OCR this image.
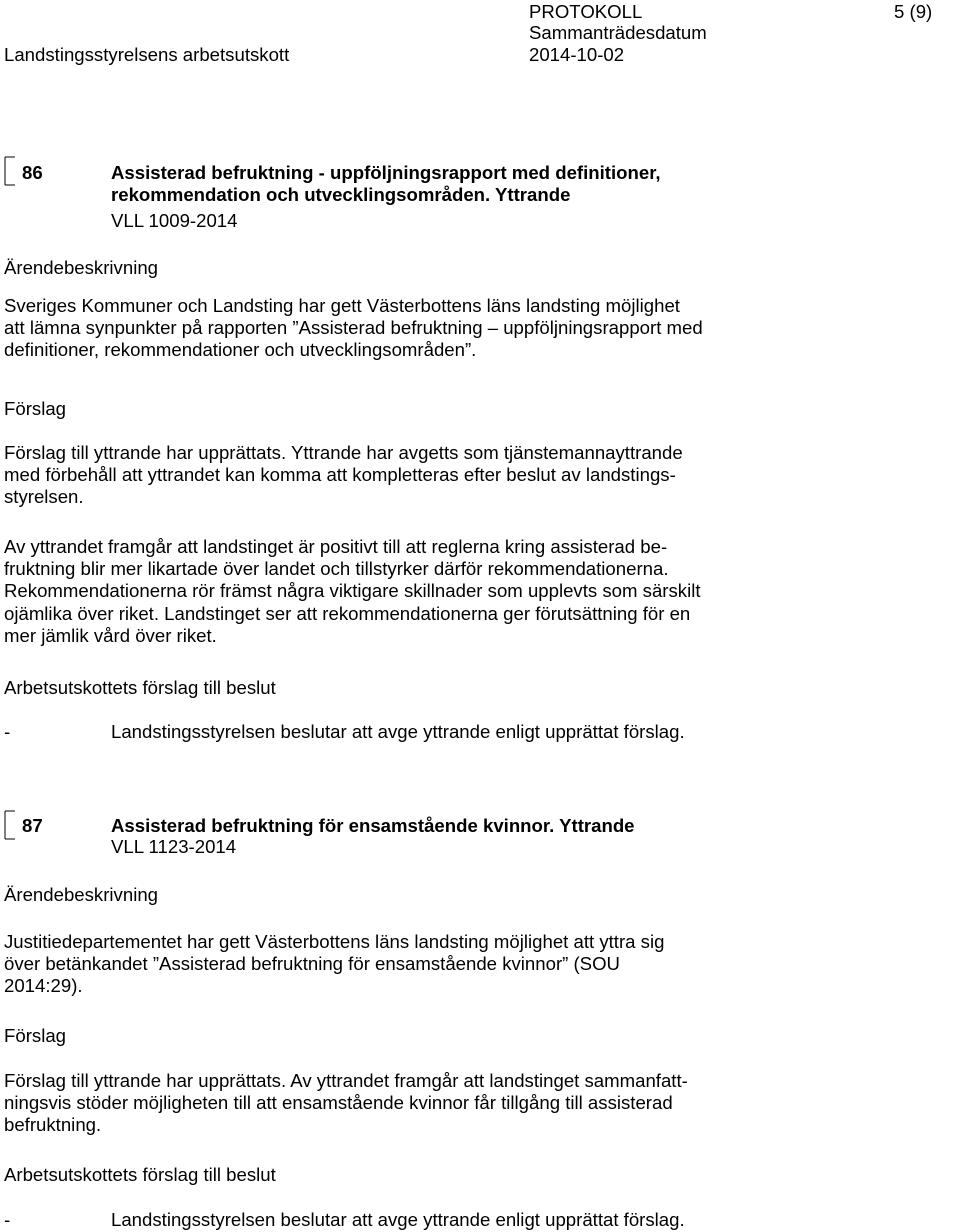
PROTOKOLL	5 (9)
Landstingsstyrelsens arbetsutskott
Sammanträdesdatum
2014-10-02
86	Assisterad befruktning - uppföljningsrapport med definitioner,
rekommendation och utvecklingsområden. Yttrande
VLL 1009-2014
Ärendebeskrivning
Sveriges Kommuner och Landsting har gett Västerbottens läns landsting möjlighet
att lämna synpunkter på rapporten ”Assisterad befruktning – uppföljningsrapport med
definitioner, rekommendationer och utvecklingsområden”.
Förslag
Förslag till yttrande har upprättats. Yttrande har avgetts som tjänstemannayttrande
med förbehåll att yttrandet kan komma att kompletteras efter beslut av landstings-
styrelsen.
Av yttrandet framgår att landstinget är positivt till att reglerna kring assisterad be-
fruktning blir mer likartade över landet och tillstyrker därför rekommendationerna.
Rekommendationerna rör främst några viktigare skillnader som upplevts som särskilt
ojämlika över riket. Landstinget ser att rekommendationerna ger förutsättning för en
mer jämlik vård över riket.
Arbetsutskottets förslag till beslut
-	Landstingsstyrelsen beslutar att avge yttrande enligt upprättat förslag.
87	Assisterad befruktning för ensamstående kvinnor. Yttrande
VLL 1123-2014
Ärendebeskrivning
Justitiedepartementet har gett Västerbottens läns landsting möjlighet att yttra sig
över betänkandet ”Assisterad befruktning för ensamstående kvinnor” (SOU
2014:29).
Förslag
Förslag till yttrande har upprättats. Av yttrandet framgår att landstinget sammanfatt-
ningsvis stöder möjligheten till att ensamstående kvinnor får tillgång till assisterad
befruktning.
Arbetsutskottets förslag till beslut
-	Landstingsstyrelsen beslutar att avge yttrande enligt upprättat förslag.
